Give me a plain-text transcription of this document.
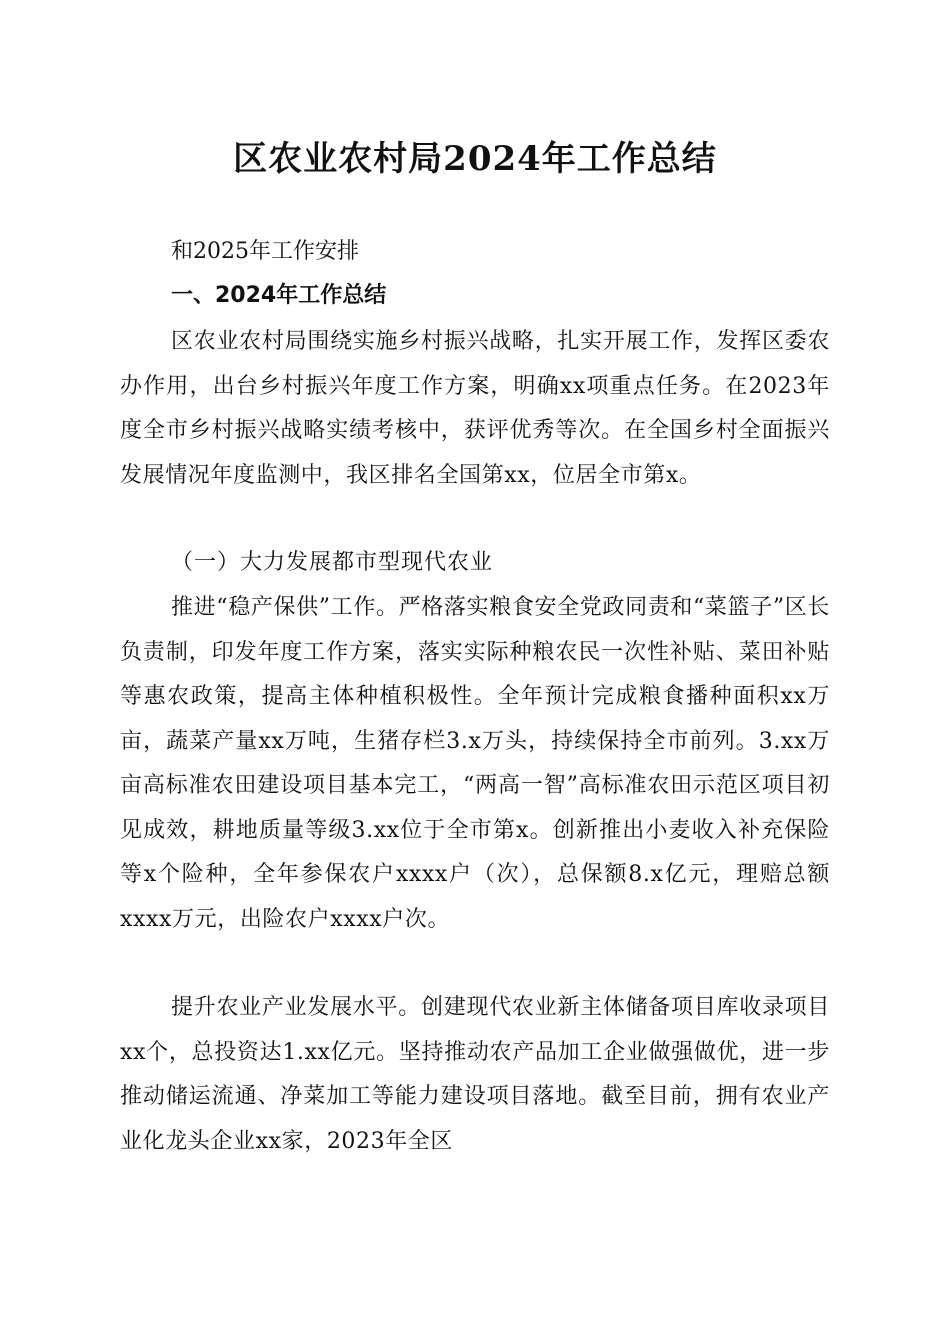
区农业农村局2024年工作总结
和2025年工作安排
一、2024年工作总结

区农业农村局围绕实施乡村振兴战略，扎实开展工作，发挥区委农办作用，出台乡村振兴年度工作方案，明确xx项重点任务。在2023年度全市乡村振兴战略实绩考核中，获评优秀等次。在全国乡村全面振兴发展情况年度监测中，我区排名全国第xx，位居全市第x。

（一）大力发展都市型现代农业

推进“稳产保供”工作。严格落实粮食安全党政同责和“菜篮子”区长负责制，印发年度工作方案，落实实际种粮农民一次性补贴、菜田补贴等惠农政策，提高主体种植积极性。全年预计完成粮食播种面积xx万亩，蔬菜产量xx万吨，生猪存栏3.x万头，持续保持全市前列。3.xx万亩高标准农田建设项目基本完工，“两高一智”高标准农田示范区项目初见成效，耕地质量等级3.xx位于全市第x。创新推出小麦收入补充保险等x个险种，全年参保农户xxxx户（次），总保额8.x亿元，理赔总额xxxx万元，出险农户xxxx户次。

提升农业产业发展水平。创建现代农业新主体储备项目库收录项目xx个，总投资达1.xx亿元。坚持推动农产品加工企业做强做优，进一步推动储运流通、净菜加工等能力建设项目落地。截至目前，拥有农业产业化龙头企业xx家，2023年全区
